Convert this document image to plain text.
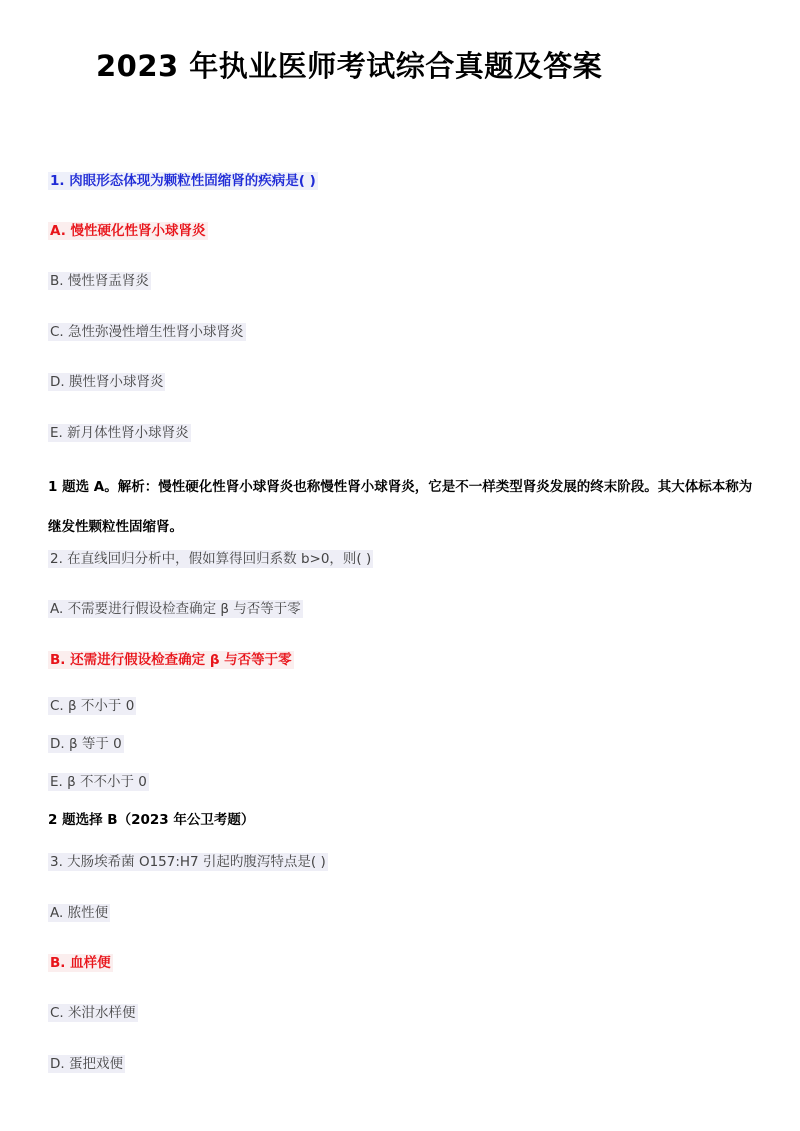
2023 年执业医师考试综合真题及答案
1. 肉眼形态体现为颗粒性固缩肾的疾病是( )
A. 慢性硬化性肾小球肾炎
B. 慢性肾盂肾炎
C. 急性弥漫性增生性肾小球肾炎
D. 膜性肾小球肾炎
E. 新月体性肾小球肾炎
1 题选 A。解析：慢性硬化性肾小球肾炎也称慢性肾小球肾炎，它是不一样类型肾炎发展的终末阶段。其大体标本称为继发性颗粒性固缩肾。
2. 在直线回归分析中，假如算得回归系数 b>0，则( )
A. 不需要进行假设检查确定 β 与否等于零
B. 还需进行假设检查确定 β 与否等于零
C. β 不小于 0
D. β 等于 0
E. β 不不小于 0
2 题选择 B（2023 年公卫考题）
3. 大肠埃希菌 O157:H7 引起旳腹泻特点是( )
A. 脓性便
B. 血样便
C. 米泔水样便
D. 蛋把戏便
